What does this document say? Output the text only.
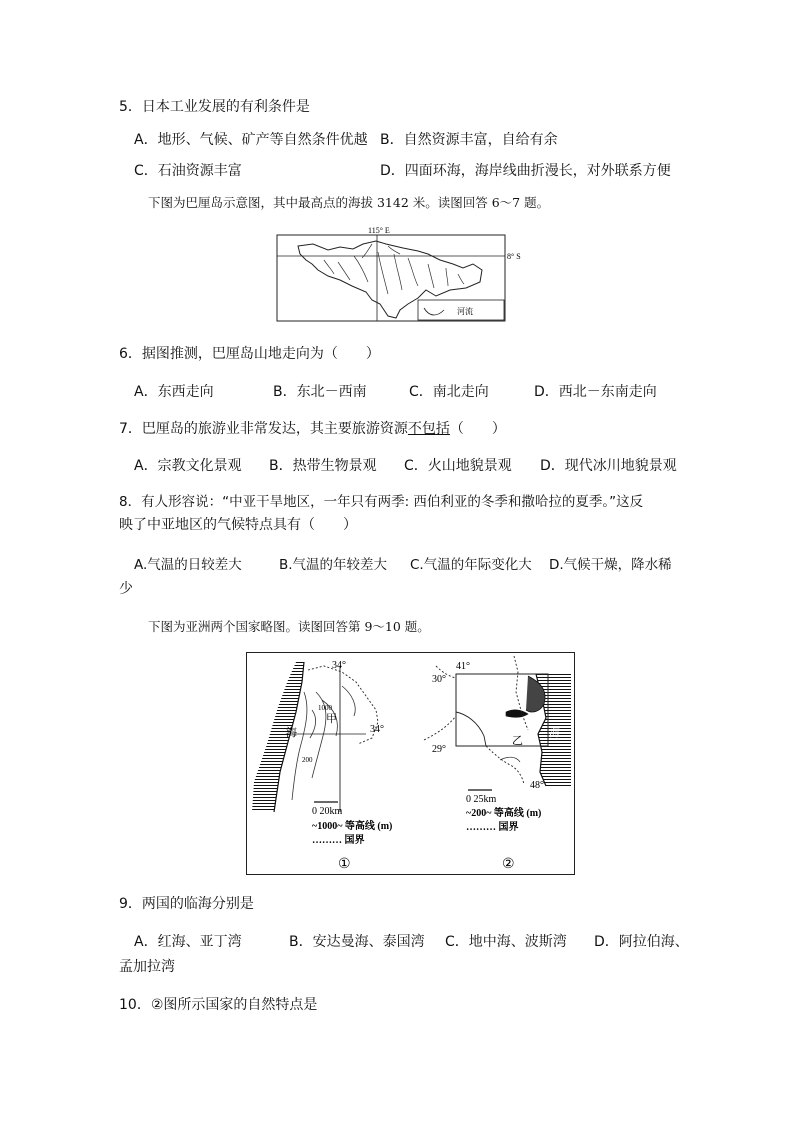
5．日本工业发展的有利条件是
A．地形、气候、矿产等自然条件优越 B．自然资源丰富，自给有余
C．石油资源丰富	D．四面环海，海岸线曲折漫长，对外联系方便
下图为巴厘岛示意图，其中最高点的海拔 3142 米。读图回答 6～7 题。
115° E
8° S
河流
6．据图推测，巴厘岛山地走向为（　　）
A．东西走向	B．东北－西南	C．南北走向	D．西北－东南走向
7．巴厘岛的旅游业非常发达，其主要旅游资源不包括（　　）
A．宗教文化景观 B．热带生物景观 C．火山地貌景观 D．现代冰川地貌景观
8．有人形容说：“中亚干旱地区，一年只有两季: 西伯利亚的冬季和撒哈拉的夏季。”这反
映了中亚地区的气候特点具有（　　）
A.气温的日较差大	B.气温的年较差大 C.气温的年际变化大 D.气候干燥，降水稀
少
下图为亚洲两个国家略图。读图回答第 9～10 题。
34°
34°
甲
海
1000
200
0 20km
~1000~ 等高线 (m)
……… 国界
①
30°
29°
41°
48°
乙
海
0 25km
~200~ 等高线 (m)
……… 国界
②
9．两国的临海分别是
A．红海、亚丁湾	B．安达曼海、泰国湾 C．地中海、波斯湾 D．阿拉伯海、
孟加拉湾
10．②图所示国家的自然特点是
